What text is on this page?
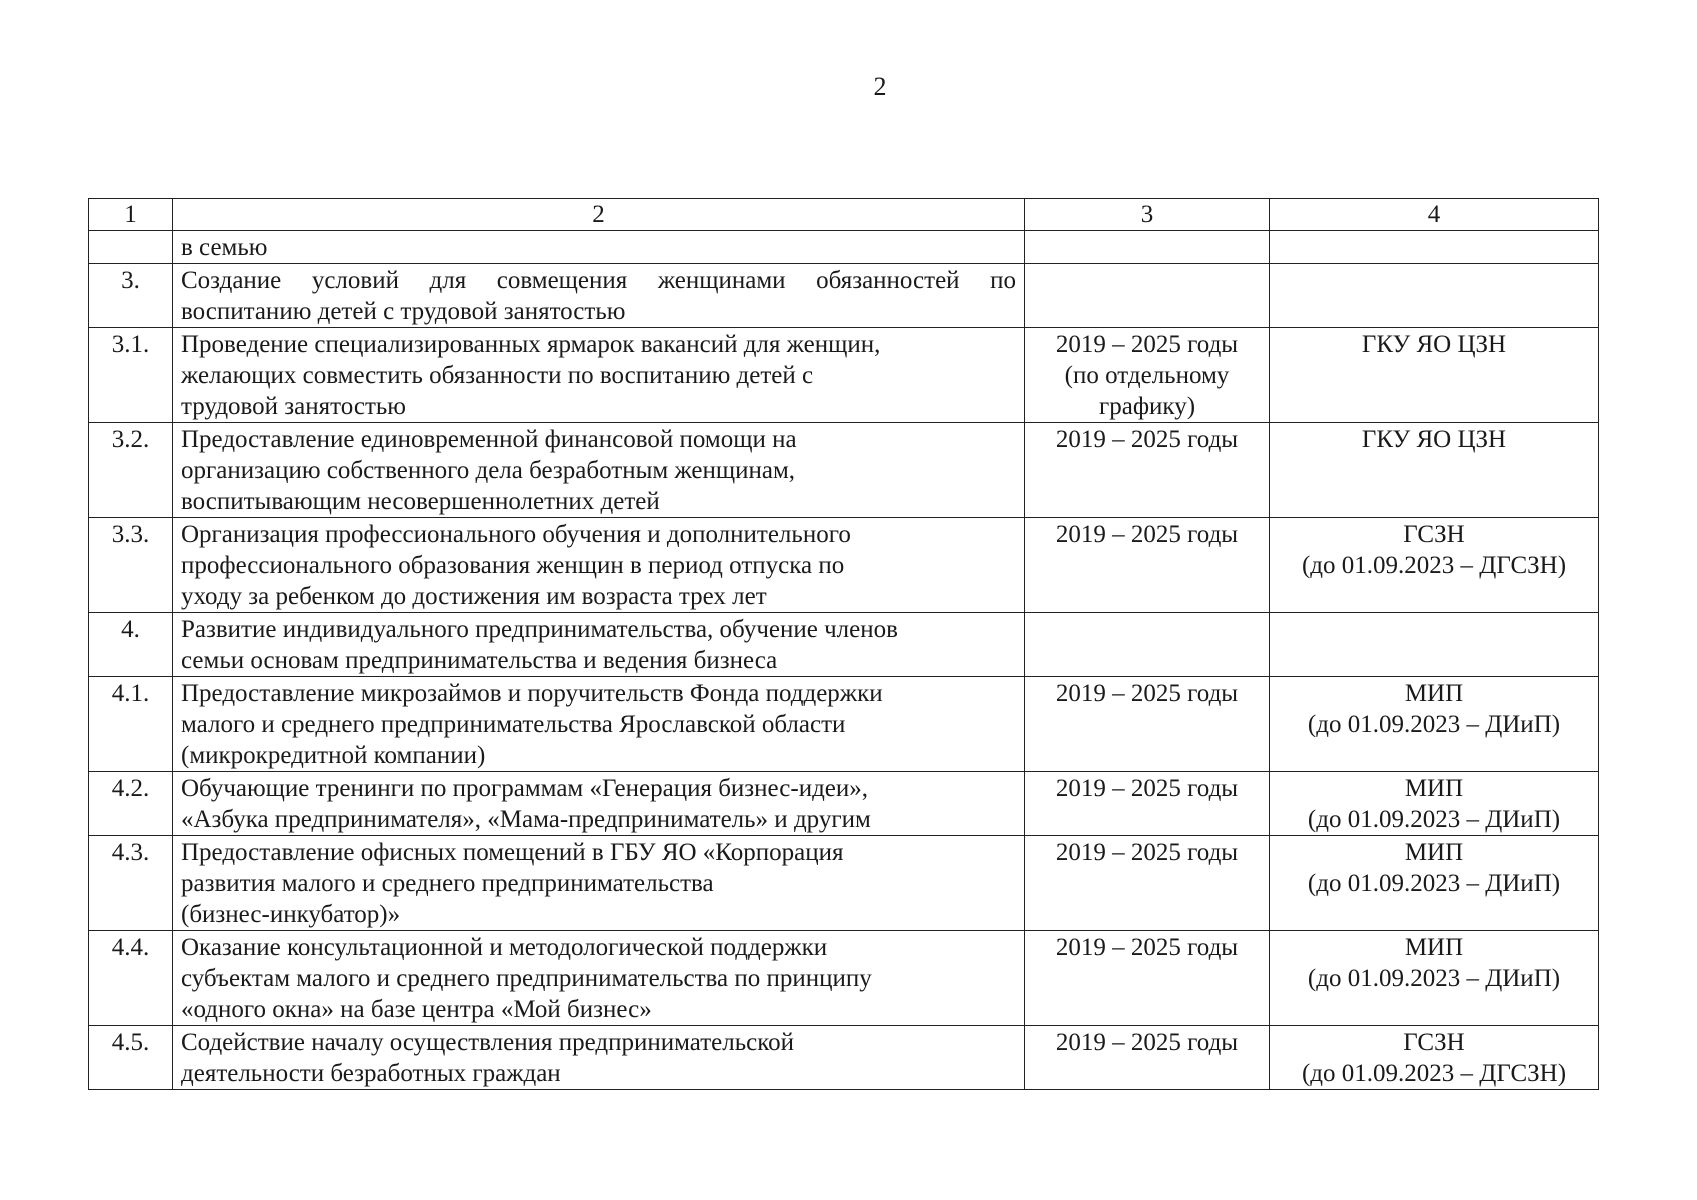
2
1	2	3	4

	в семью		

3.	Создание условий для совмещения женщинами обязанностей по
воспитанию детей с трудовой занятостью		

3.1.	Проведение специализированных ярмарок вакансий для женщин,
желающих совместить обязанности по воспитанию детей с
трудовой занятостью	2019 – 2025 годы
(по отдельному
графику)	ГКУ ЯО ЦЗН

3.2.	Предоставление единовременной финансовой помощи на
организацию собственного дела безработным женщинам,
воспитывающим несовершеннолетних детей	2019 – 2025 годы	ГКУ ЯО ЦЗН

3.3.	Организация профессионального обучения и дополнительного
профессионального образования женщин в период отпуска по
уходу за ребенком до достижения им возраста трех лет	2019 – 2025 годы	ГСЗН
(до 01.09.2023 – ДГСЗН)

4.	Развитие индивидуального предпринимательства, обучение членов
семьи основам предпринимательства и ведения бизнеса		

4.1.	Предоставление микрозаймов и поручительств Фонда поддержки
малого и среднего предпринимательства Ярославской области
(микрокредитной компании)	2019 – 2025 годы	МИП
(до 01.09.2023 – ДИиП)

4.2.	Обучающие тренинги по программам «Генерация бизнес-идеи»,
«Азбука предпринимателя», «Мама-предприниматель» и другим	2019 – 2025 годы	МИП
(до 01.09.2023 – ДИиП)

4.3.	Предоставление офисных помещений в ГБУ ЯО «Корпорация
развития малого и среднего предпринимательства
(бизнес-инкубатор)»	2019 – 2025 годы	МИП
(до 01.09.2023 – ДИиП)

4.4.	Оказание консультационной и методологической поддержки
субъектам малого и среднего предпринимательства по принципу
«одного окна» на базе центра «Мой бизнес»	2019 – 2025 годы	МИП
(до 01.09.2023 – ДИиП)

4.5.	Содействие началу осуществления предпринимательской
деятельности безработных граждан	2019 – 2025 годы	ГСЗН
(до 01.09.2023 – ДГСЗН)
